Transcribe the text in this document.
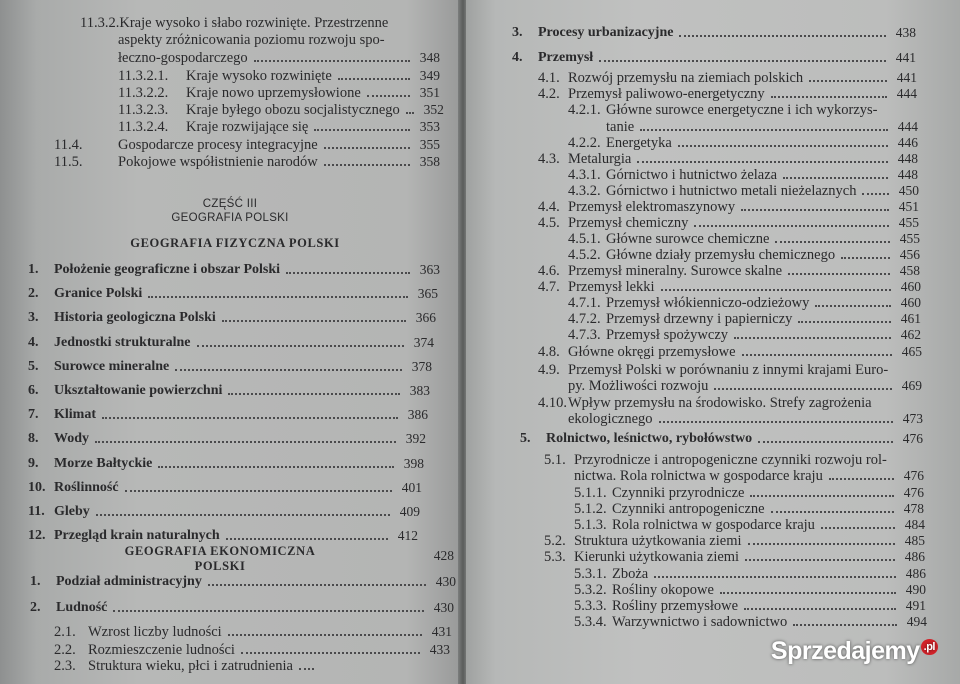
Sprzedajemy $^{.pl}$
11.3.2. Kraje wysoko i słabo rozwinięte. Przestrzenne
aspekty zróżnicowania poziomu rozwoju spo-
łeczno-gospodarczego	348
11.3.2.1.	Kraje wysoko rozwinięte	349
11.3.2.2.	Kraje nowo uprzemysłowione	351
11.3.2.3.	Kraje byłego obozu socjalistycznego 352
11.3.2.4.	Kraje rozwijające się	353
11.4.	Gospodarcze procesy integracyjne	355
11.5.	Pokojowe współistnienie narodów	358
CZĘŚĆ III
GEOGRAFIA POLSKI
GEOGRAFIA FIZYCZNA POLSKI
1.	Położenie geograficzne i obszar Polski	363
2.	Granice Polski	365
3.	Historia geologiczna Polski	366
4.	Jednostki strukturalne	374
5.	Surowce mineralne	378
6.	Ukształtowanie powierzchni	383
7.	Klimat	386
8.	Wody	392
9.	Morze Bałtyckie	398
10. Roślinność	401
11. Gleby	409
12. Przegląd krain naturalnych	412
GEOGRAFIA EKONOMICZNA POLSKI
428
1.	Podział administracyjny	430
2.	Ludność	430
2.1. Wzrost liczby ludności	431
2.2. Rozmieszczenie ludności	433
2.3. Struktura wieku, płci i zatrudnienia
3.	Procesy urbanizacyjne	438
4.	Przemysł	441
4.1. Rozwój przemysłu na ziemiach polskich	441
4.2. Przemysł paliwowo-energetyczny	444
4.2.1. Główne surowce energetyczne i ich wykorzys-
tanie	444
4.2.2. Energetyka	446
4.3. Metalurgia	448
4.3.1. Górnictwo i hutnictwo żelaza	448
4.3.2. Górnictwo i hutnictwo metali nieżelaznych	450
4.4. Przemysł elektromaszynowy	451
4.5. Przemysł chemiczny	455
4.5.1. Główne surowce chemiczne	455
4.5.2. Główne działy przemysłu chemicznego	456
4.6. Przemysł mineralny. Surowce skalne	458
4.7. Przemysł lekki	460
4.7.1. Przemysł włókienniczo-odzieżowy	460
4.7.2. Przemysł drzewny i papierniczy	461
4.7.3. Przemysł spożywczy	462
4.8. Główne okręgi przemysłowe	465
4.9. Przemysł Polski w porównaniu z innymi krajami Euro-
py. Możliwości rozwoju	469
4.10. Wpływ przemysłu na środowisko. Strefy zagrożenia
ekologicznego	473
5.	Rolnictwo, leśnictwo, rybołówstwo	476
5.1. Przyrodnicze i antropogeniczne czynniki rozwoju rol-
nictwa. Rola rolnictwa w gospodarce kraju	476
5.1.1. Czynniki przyrodnicze	476
5.1.2. Czynniki antropogeniczne	478
5.1.3. Rola rolnictwa w gospodarce kraju	484
5.2. Struktura użytkowania ziemi	485
5.3. Kierunki użytkowania ziemi	486
5.3.1. Zboża	486
5.3.2. Rośliny okopowe	490
5.3.3. Rośliny przemysłowe	491
5.3.4. Warzywnictwo i sadownictwo	494
